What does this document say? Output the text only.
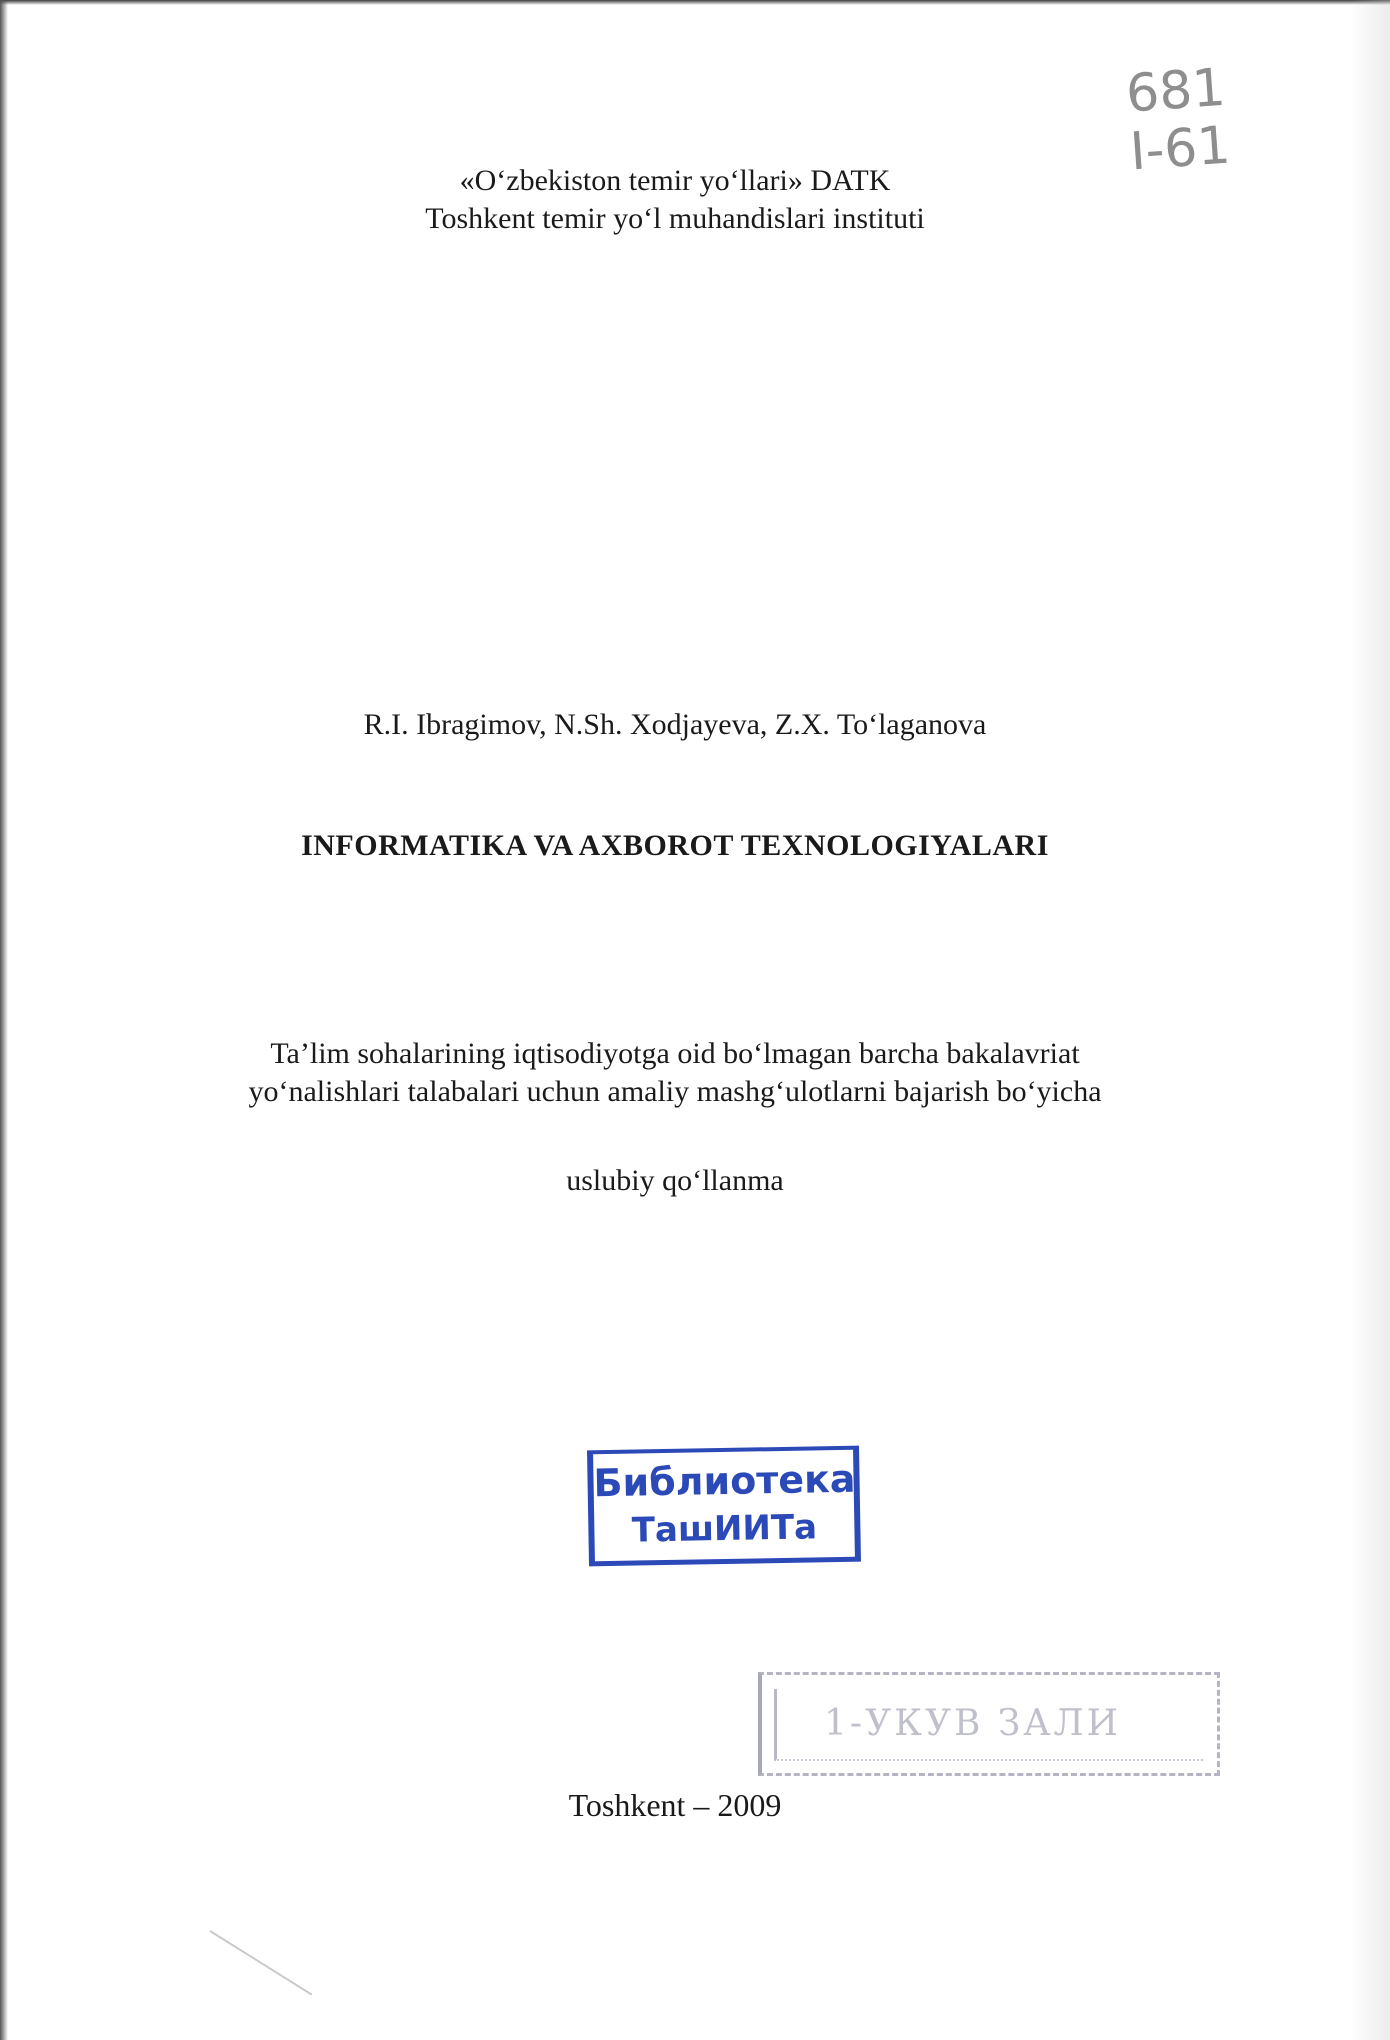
681
I-61
«O‘zbekiston temir yo‘llari» DATK
Toshkent temir yo‘l muhandislari instituti
R.I. Ibragimov, N.Sh. Xodjayeva, Z.X. To‘laganova
INFORMATIKA VA AXBOROT TEXNOLOGIYALARI
Ta’lim sohalarining iqtisodiyotga oid bo‘lmagan barcha bakalavriat
yo‘nalishlari talabalari uchun amaliy mashg‘ulotlarni bajarish bo‘yicha
uslubiy qo‘llanma
Библиотека
ТашИИТа
1-УКУВ ЗАЛИ
Toshkent – 2009
